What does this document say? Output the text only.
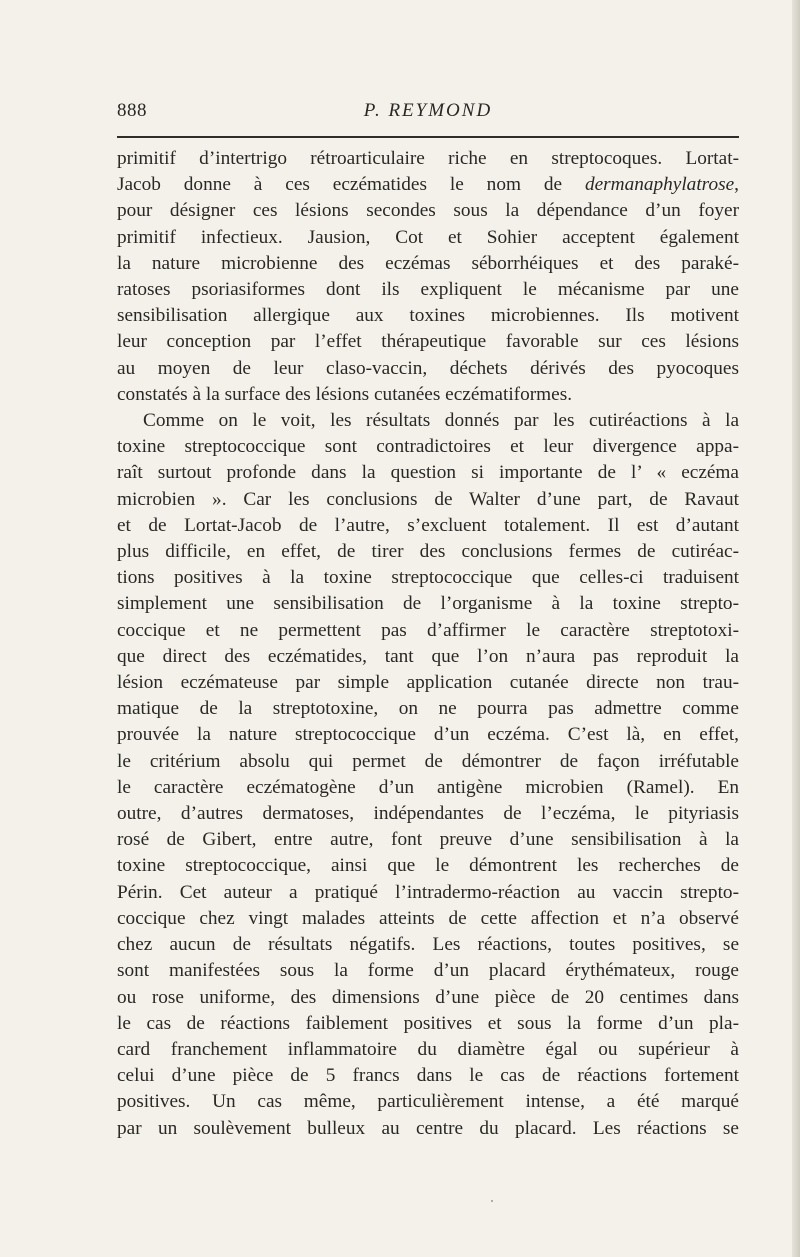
888	P. REYMOND
primitif d’intertrigo rétroarticulaire riche en streptocoques. Lortat-
Jacob donne à ces eczématides le nom de dermanaphylatrose,
pour désigner ces lésions secondes sous la dépendance d’un foyer
primitif infectieux. Jausion, Cot et Sohier acceptent également
la nature microbienne des eczémas séborrhéiques et des paraké-
ratoses psoriasiformes dont ils expliquent le mécanisme par une
sensibilisation allergique aux toxines microbiennes. Ils motivent
leur conception par l’effet thérapeutique favorable sur ces lésions
au moyen de leur claso-vaccin, déchets dérivés des pyocoques
constatés à la surface des lésions cutanées eczématiformes.
Comme on le voit, les résultats donnés par les cutiréactions à la
toxine streptococcique sont contradictoires et leur divergence appa-
raît surtout profonde dans la question si importante de l’ « eczéma
microbien ». Car les conclusions de Walter d’une part, de Ravaut
et de Lortat-Jacob de l’autre, s’excluent totalement. Il est d’autant
plus difficile, en effet, de tirer des conclusions fermes de cutiréac-
tions positives à la toxine streptococcique que celles-ci traduisent
simplement une sensibilisation de l’organisme à la toxine strepto-
coccique et ne permettent pas d’affirmer le caractère streptotoxi-
que direct des eczématides, tant que l’on n’aura pas reproduit la
lésion eczémateuse par simple application cutanée directe non trau-
matique de la streptotoxine, on ne pourra pas admettre comme
prouvée la nature streptococcique d’un eczéma. C’est là, en effet,
le critérium absolu qui permet de démontrer de façon irréfutable
le caractère eczématogène d’un antigène microbien (Ramel). En
outre, d’autres dermatoses, indépendantes de l’eczéma, le pityriasis
rosé de Gibert, entre autre, font preuve d’une sensibilisation à la
toxine streptococcique, ainsi que le démontrent les recherches de
Périn. Cet auteur a pratiqué l’intradermo-réaction au vaccin strepto-
coccique chez vingt malades atteints de cette affection et n’a observé
chez aucun de résultats négatifs. Les réactions, toutes positives, se
sont manifestées sous la forme d’un placard érythémateux, rouge
ou rose uniforme, des dimensions d’une pièce de 20 centimes dans
le cas de réactions faiblement positives et sous la forme d’un pla-
card franchement inflammatoire du diamètre égal ou supérieur à
celui d’une pièce de 5 francs dans le cas de réactions fortement
positives. Un cas même, particulièrement intense, a été marqué
par un soulèvement bulleux au centre du placard. Les réactions se
